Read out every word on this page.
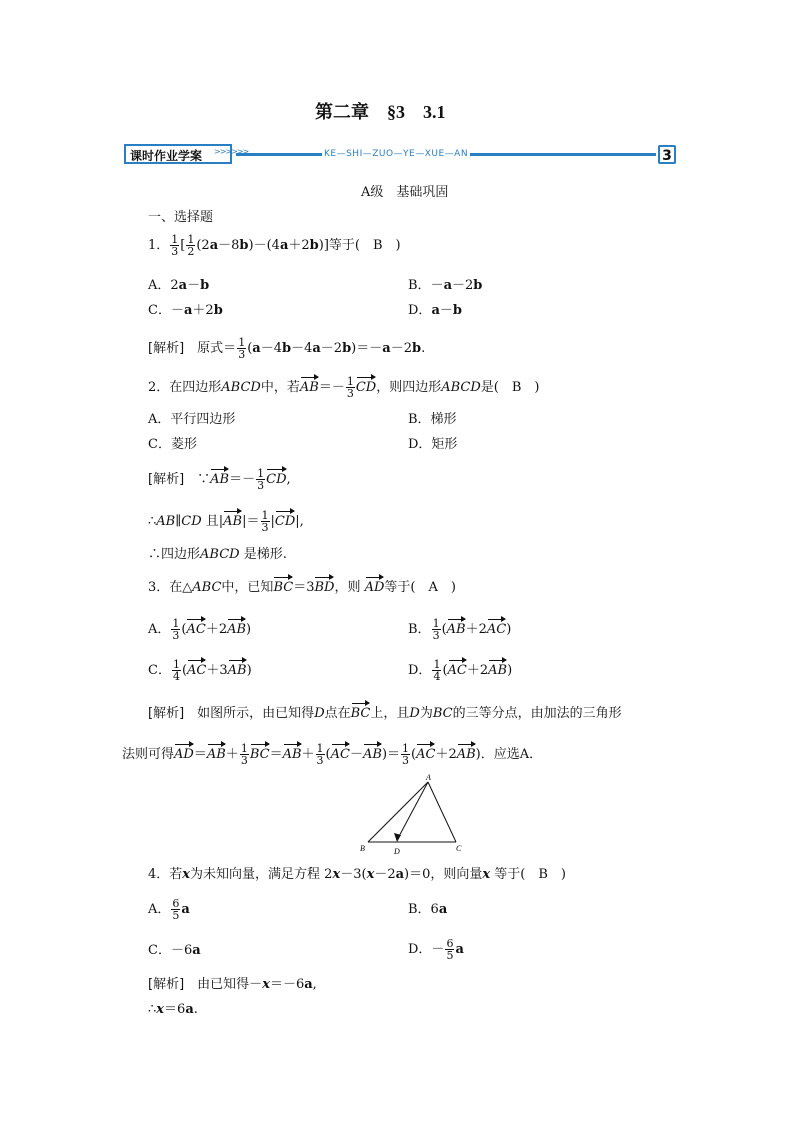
第二章　§3　3.1
课时作业学案	>>>>>>	KE—SHI—ZUO—YE—XUE—AN	3
A级　基础巩固
一、选择题
1． $\frac{1}{3}$ [ $\frac{1}{2} (2a-8b)-(4a+2b)$]等于(　B　)
A．2a－b	B．－a－2b
C．－a＋2b	D．a－b
[解析]　 原式＝ $\frac{1}{3} (a-4b-4a-2b)=-a-2b$.
2．在四边形ABCD中，若$AB=- \frac{1}{3}$ CD，则四边形ABCD是(　B　)
A．平行四边形	B．梯形
C．菱形	D．矩形
[解析]　∵AB＝－ $\frac{1}{3}$ CD,
∴AB∥CD 且$|AB|= \frac{1}{3} |CD|$,
∴四边形ABCD 是梯形.
3．在△ABC中，已知BC＝3BD，则 AD等于(　A　)
A． $\frac{1}{3} (AC+2AB)$	B． $\frac{1}{3} (AB+2AC)$
C． $\frac{1}{4} (AC+3AB)$	D． $\frac{1}{4} (AC+2AB)$
[解析]　 如图所示，由已知得D点在BC上，且D为BC的三等分点，由加法的三角形
法则可得$AD=AB+ \frac{1}{3} BC=AB+ \frac{1}{3} (AC-AB)= \frac{1}{3} (AC+2AB)$．应选A．
A
B	C
D
4．若x为未知向量，满足方程 2x－3(x－2a)＝0，则向量x 等于(　B　)
A． $\frac{6}{5}$ a	B．6a
C．－6a	D．－ $\frac{6}{5}$ a
[解析]　 由已知得－x＝－6a,
∴x＝6a.
